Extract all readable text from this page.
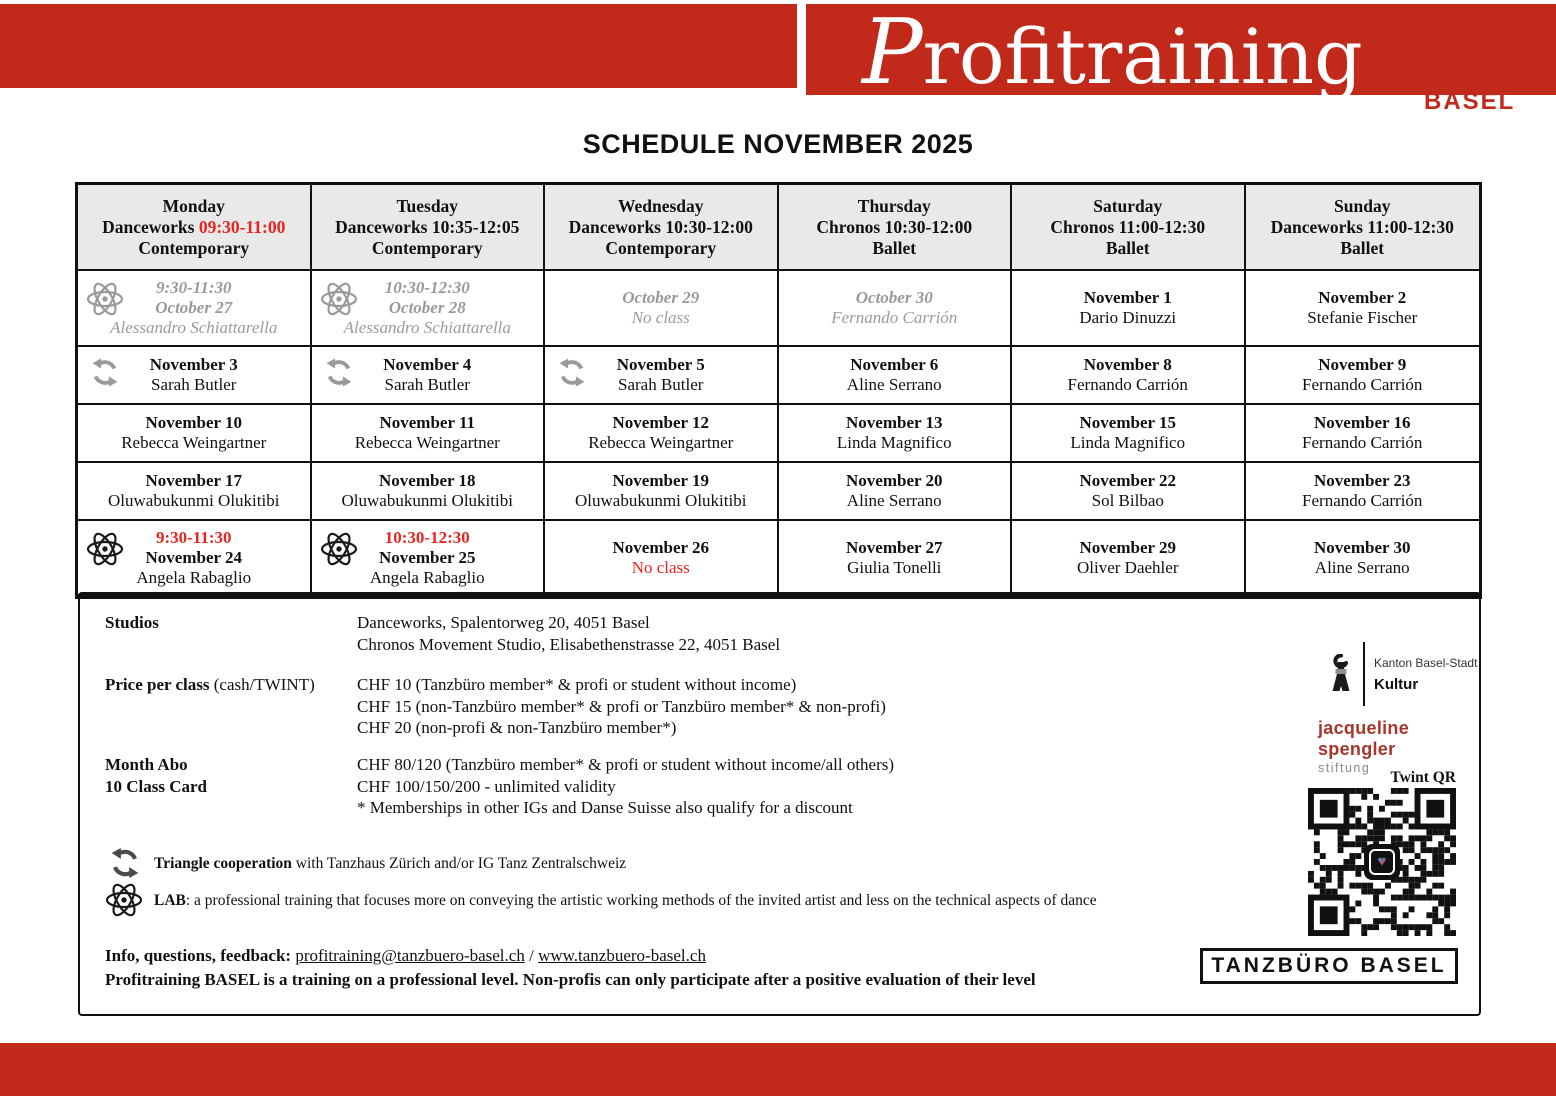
Profitraining
BASEL
SCHEDULE NOVEMBER 2025
Monday
Danceworks 09:30-11:00
Contemporary
Tuesday
Danceworks 10:35-12:05
Contemporary
Wednesday
Danceworks 10:30-12:00
Contemporary
Thursday
Chronos 10:30-12:00
Ballet
Saturday
Chronos 11:00-12:30
Ballet
Sunday
Danceworks 11:00-12:30
Ballet
9:30-11:30
October 27
Alessandro Schiattarella
10:30-12:30
October 28
Alessandro Schiattarella
October 29
No class
October 30
Fernando Carrión
November 1
Dario Dinuzzi
November 2
Stefanie Fischer
November 3
Sarah Butler
November 4
Sarah Butler
November 5
Sarah Butler
November 6
Aline Serrano
November 8
Fernando Carrión
November 9
Fernando Carrión
November 10
Rebecca Weingartner
November 11
Rebecca Weingartner
November 12
Rebecca Weingartner
November 13
Linda Magnifico
November 15
Linda Magnifico
November 16
Fernando Carrión
November 17
Oluwabukunmi Olukitibi
November 18
Oluwabukunmi Olukitibi
November 19
Oluwabukunmi Olukitibi
November 20
Aline Serrano
November 22
Sol Bilbao
November 23
Fernando Carrión
9:30-11:30
November 24
Angela Rabaglio
10:30-12:30
November 25
Angela Rabaglio
November 26
No class
November 27
Giulia Tonelli
November 29
Oliver Daehler
November 30
Aline Serrano
Studios	Danceworks, Spalentorweg 20, 4051 Basel
Chronos Movement Studio, Elisabethenstrasse 22, 4051 Basel
Price per class (cash/TWINT) CHF 10 (Tanzbüro member* & profi or student without income)
CHF 15 (non-Tanzbüro member* & profi or Tanzbüro member* & non-profi)
CHF 20 (non-profi & non-Tanzbüro member*)
Month Abo
10 Class Card
CHF 80/120 (Tanzbüro member* & profi or student without income/all others)
CHF 100/150/200 - unlimited validity
* Memberships in other IGs and Danse Suisse also qualify for a discount
Triangle cooperation with Tanzhaus Zürich and/or IG Tanz Zentralschweiz
LAB: a professional training that focuses more on conveying the artistic working methods of the invited artist and less on the technical aspects of dance
Info, questions, feedback: profitraining@tanzbuero-basel.ch / www.tanzbuero-basel.ch
Profitraining BASEL is a training on a professional level. Non-profis can only participate after a positive evaluation of their level
Kanton Basel-Stadt
Kultur
jacqueline spengler
stiftung
Twint QR
♥
TANZBÜRO BASEL
